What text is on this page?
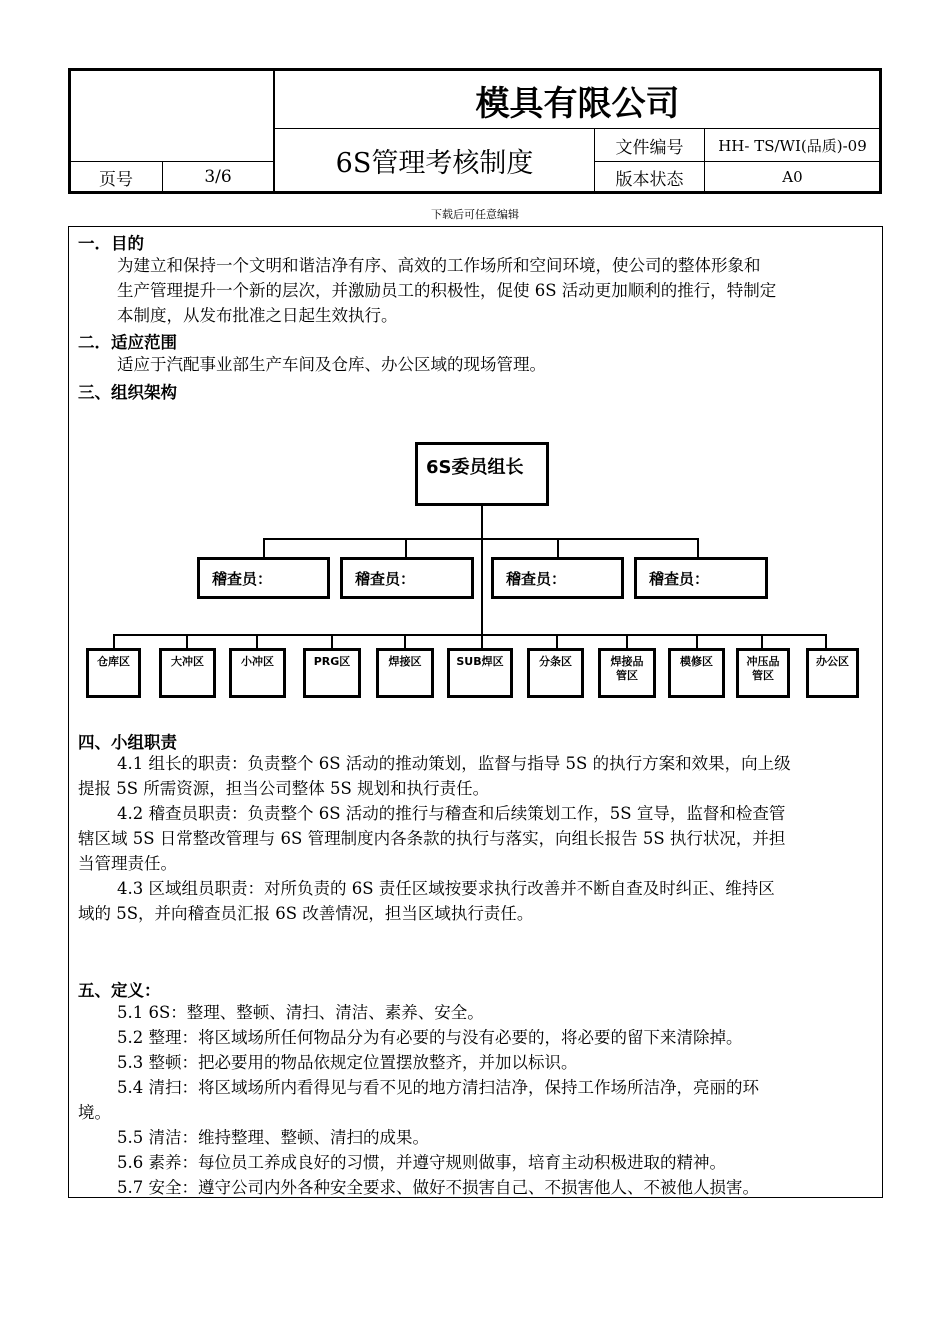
模具有限公司
页号	3/6	6S管理考核制度
文件编号	HH- TS/WI(品质)-09
版本状态	A0
下载后可任意编辑
一．目的
为建立和保持一个文明和谐洁净有序、高效的工作场所和空间环境，使公司的整体形象和
生产管理提升一个新的层次，并激励员工的积极性，促使 6S 活动更加顺利的推行，特制定
本制度，从发布批准之日起生效执行。
二．适应范围
适应于汽配事业部生产车间及仓库、办公区域的现场管理。
三、组织架构
6S委员组长
稽查员：	稽查员：	稽查员：	稽查员：
仓库区	大冲区	小冲区	PRG区	焊接区	SUB焊区	分条区	焊接品
管区
模修区	冲压品
管区
办公区
四、小组职责
4.1 组长的职责：负责整个 6S 活动的推动策划，监督与指导 5S 的执行方案和效果，向上级
提报 5S 所需资源，担当公司整体 5S 规划和执行责任。
4.2 稽查员职责：负责整个 6S 活动的推行与稽查和后续策划工作，5S 宣导，监督和检查管
辖区域 5S 日常整改管理与 6S 管理制度内各条款的执行与落实，向组长报告 5S 执行状况，并担
当管理责任。
4.3 区域组员职责：对所负责的 6S 责任区域按要求执行改善并不断自查及时纠正、维持区
域的 5S，并向稽查员汇报 6S 改善情况，担当区域执行责任。
五、定义：
5.1 6S：整理、整顿、清扫、清洁、素养、安全。
5.2 整理：将区域场所任何物品分为有必要的与没有必要的，将必要的留下来清除掉。
5.3 整顿：把必要用的物品依规定位置摆放整齐，并加以标识。
5.4 清扫：将区域场所内看得见与看不见的地方清扫洁净，保持工作场所洁净，亮丽的环
境。
5.5 清洁：维持整理、整顿、清扫的成果。
5.6 素养：每位员工养成良好的习惯，并遵守规则做事，培育主动积极进取的精神。
5.7 安全：遵守公司内外各种安全要求、做好不损害自己、不损害他人、不被他人损害。
